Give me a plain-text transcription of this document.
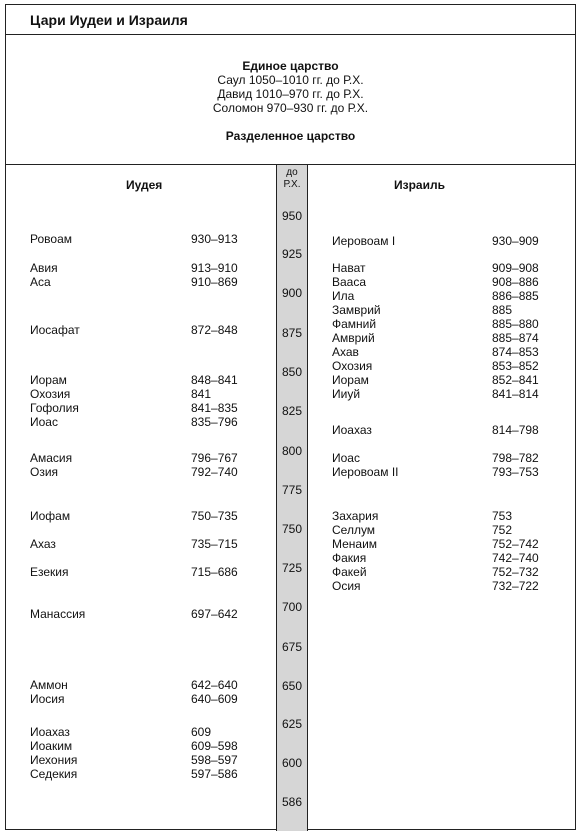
Цари Иудеи и Израиля
Единое царство
Саул 1050–1010 гг. до Р.Х.
Давид 1010–970 гг. до Р.Х.
Соломон 970–930 гг. до Р.Х.
Разделенное царство
до
Р.Х.
950
925
900
875
850
825
800
775
750
725
700
675
650
625
600
586
Иудея	Израиль
Ровоам	930–913
Авия	913–910
Аса	910–869
Иосафат	872–848
Иорам	848–841
Охозия	841
Гофолия	841–835
Иоас	835–796
Амасия	796–767
Озия	792–740
Иофам	750–735
Ахаз	735–715
Езекия	715–686
Манассия	697–642
Аммон	642–640
Иосия	640–609
Иоахаз	609
Иоаким	609–598
Иехония	598–597
Седекия	597–586
Иеровоам I	930–909
Нават	909–908
Вааса	908–886
Ила	886–885
Замврий	885
Фамний	885–880
Амврий	885–874
Ахав	874–853
Охозия	853–852
Иорам	852–841
Ииуй	841–814
Иоахаз	814–798
Иоас	798–782
Иеровоам II	793–753
Захария	753
Селлум	752
Менаим	752–742
Факия	742–740
Факей	752–732
Осия	732–722
